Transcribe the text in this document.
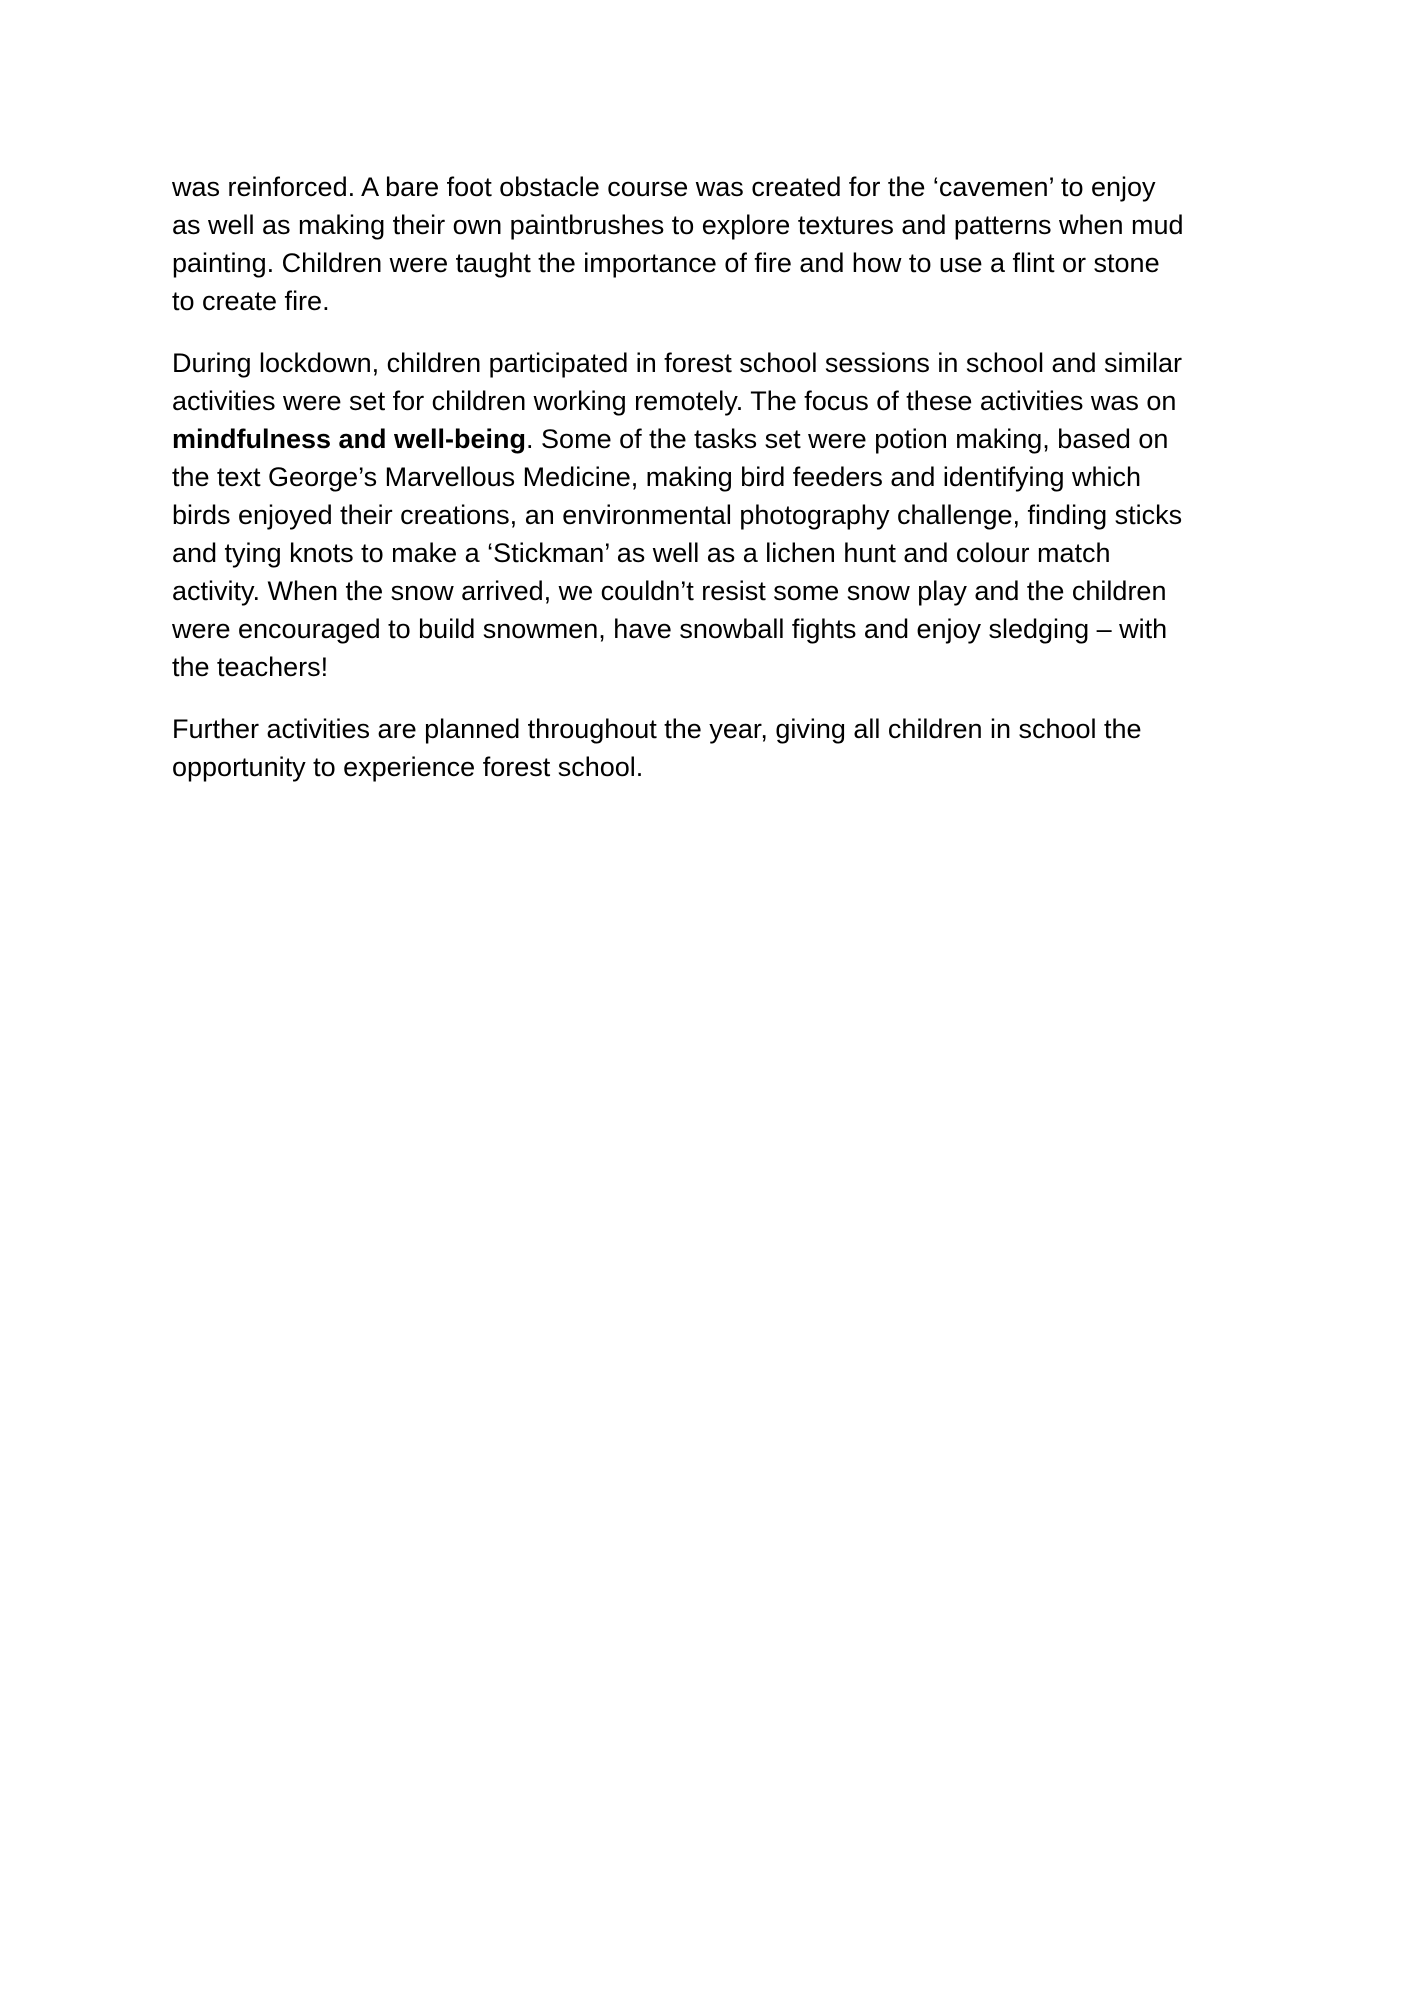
was reinforced. A bare foot obstacle course was created for the ‘cavemen’ to enjoy
as well as making their own paintbrushes to explore textures and patterns when mud
painting. Children were taught the importance of fire and how to use a flint or stone
to create fire.

During lockdown, children participated in forest school sessions in school and similar
activities were set for children working remotely. The focus of these activities was on
mindfulness and well-being. Some of the tasks set were potion making, based on
the text George’s Marvellous Medicine, making bird feeders and identifying which
birds enjoyed their creations, an environmental photography challenge, finding sticks
and tying knots to make a ‘Stickman’ as well as a lichen hunt and colour match
activity. When the snow arrived, we couldn’t resist some snow play and the children
were encouraged to build snowmen, have snowball fights and enjoy sledging – with
the teachers!

Further activities are planned throughout the year, giving all children in school the
opportunity to experience forest school.
